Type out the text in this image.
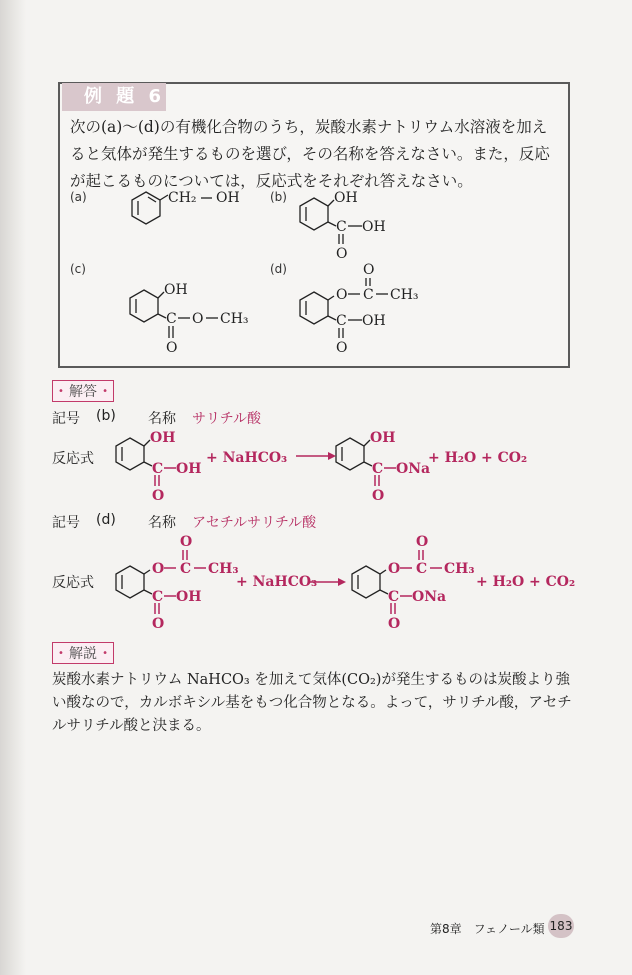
例 題 6
次の(a)～(d)の有機化合物のうち，炭酸水素ナトリウム水溶液を加えると気体が発生するものを選び，その名称を答えなさい。また，反応が起こるものについては，反応式をそれぞれ答えなさい。
(a)	(b)
(c)	(d)
CH₂ OH	OH
C OH
O
OH
C O CH₃
O
O
O C CH₃
C OH
O
• 解答 •
記号 (b) 名称 サリチル酸
反応式
OH
C OH
O
+ NaHCO₃
OH
C ONa
O
+ H₂O + CO₂
記号 (d) 名称 アセチルサリチル酸
反応式
O
O C CH₃
C OH
O
+ NaHCO₃
O
O C CH₃
C ONa
O
+ H₂O + CO₂
• 解説 •
炭酸水素ナトリウム NaHCO₃ を加えて気体(CO₂)が発生するものは炭酸より強い酸なので，カルボキシル基をもつ化合物となる。よって，サリチル酸，アセチルサリチル酸と決まる。
第8章　フェノール類 183
